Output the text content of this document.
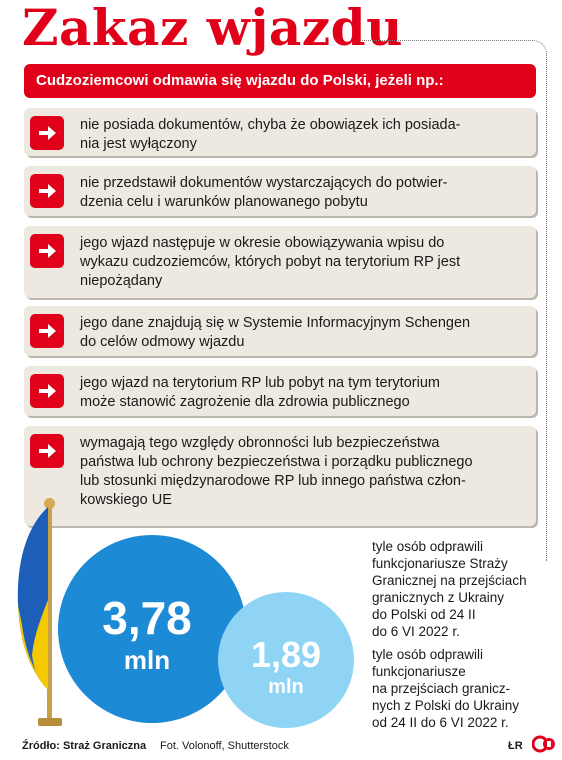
Zakaz wjazdu
Cudzoziemcowi odmawia się wjazdu do Polski, jeżeli np.:
nie posiada dokumentów, chyba że obowiązek ich posiada-
nia jest wyłączony
nie przedstawił dokumentów wystarczających do potwier-
dzenia celu i warunków planowanego pobytu
jego wjazd następuje w okresie obowiązywania wpisu do
wykazu cudzoziemców, których pobyt na terytorium RP jest
niepożądany
jego dane znajdują się w Systemie Informacyjnym Schengen
do celów odmowy wjazdu
jego wjazd na terytorium RP lub pobyt na tym terytorium
może stanowić zagrożenie dla zdrowia publicznego
wymagają tego względy obronności lub bezpieczeństwa
państwa lub ochrony bezpieczeństwa i porządku publicznego
lub stosunki międzynarodowe RP lub innego państwa człon-
kowskiego UE
3,78
mln	1,89
mln
tyle osób odprawili
funkcjonariusze Straży
Granicznej na przejściach
granicznych z Ukrainy
do Polski od 24 II
do 6 VI 2022 r.
tyle osób odprawili
funkcjonariusze
na przejściach granicz-
nych z Polski do Ukrainy
od 24 II do 6 VI 2022 r.
Źródło: Straż Graniczna Fot. Volonoff, Shutterstock	ŁR
